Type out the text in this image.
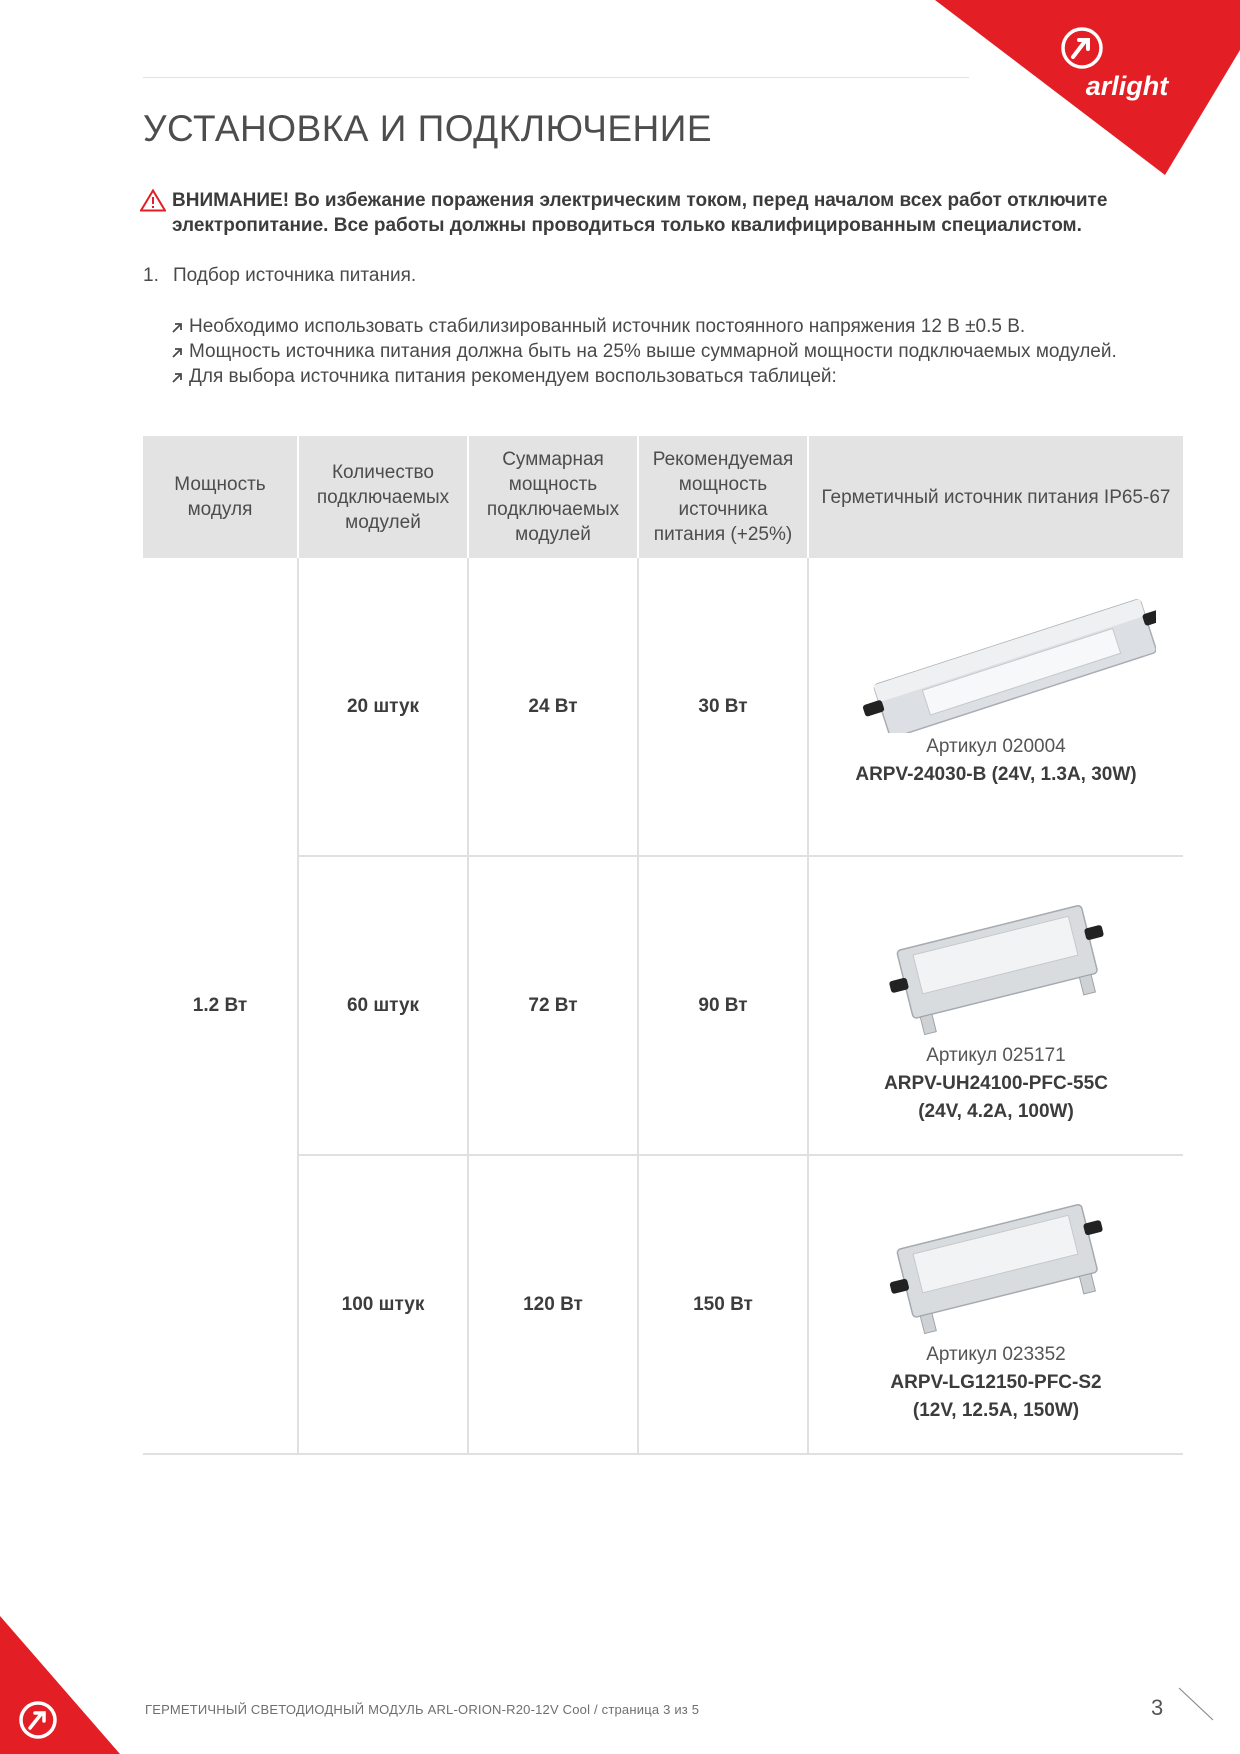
arlight
УСТАНОВКА И ПОДКЛЮЧЕНИЕ
ВНИМАНИЕ! Во избежание поражения электрическим током, перед началом всех работ отключите электропитание. Все работы должны проводиться только квалифицированным специалистом.
1. Подбор источника питания.
Необходимо использовать стабилизированный источник постоянного напряжения 12 В ±0.5 В.
Мощность источника питания должна быть на 25% выше суммарной мощности подключаемых модулей.
Для выбора источника питания рекомендуем воспользоваться таблицей:
Мощность модуля	Количество подключаемых модулей	Суммарная мощность подключаемых модулей	Рекомендуемая мощность источника питания (+25%)	Герметичный источник питания IP65-67
1.2 Вт	20 штук	24 Вт	30 Вт	Артикул 020004
ARPV-24030-B (24V, 1.3A, 30W)

	60 штук	72 Вт	90 Вт	Артикул 025171
ARPV-UH24100-PFC-55C
(24V, 4.2A, 100W)

	100 штук	120 Вт	150 Вт	Артикул 023352
ARPV-LG12150-PFC-S2
(12V, 12.5A, 150W)
ГЕРМЕТИЧНЫЙ СВЕТОДИОДНЫЙ МОДУЛЬ ARL-ORION-R20-12V Cool / страница 3 из 5	3
